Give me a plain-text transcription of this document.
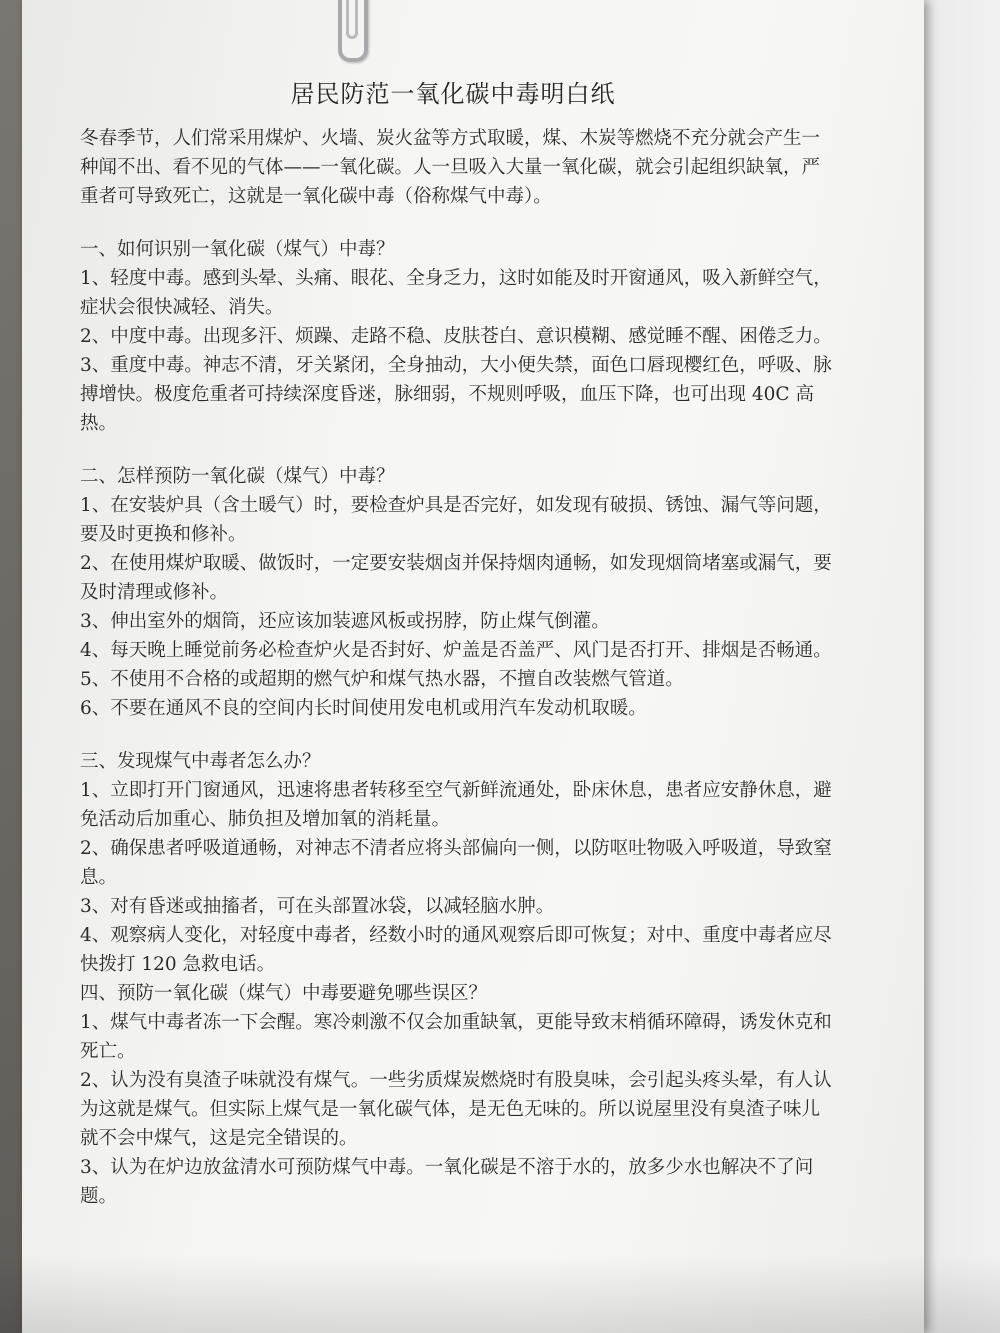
居民防范一氧化碳中毒明白纸

冬春季节，人们常采用煤炉、火墙、炭火盆等方式取暖，煤、木炭等燃烧不充分就会产生一种闻不出、看不见的气体——一氧化碳。人一旦吸入大量一氧化碳，就会引起组织缺氧，严重者可导致死亡，这就是一氧化碳中毒（俗称煤气中毒）。

一、如何识别一氧化碳（煤气）中毒？

1、轻度中毒。感到头晕、头痛、眼花、全身乏力，这时如能及时开窗通风，吸入新鲜空气，症状会很快减轻、消失。

2、中度中毒。出现多汗、烦躁、走路不稳、皮肤苍白、意识模糊、感觉睡不醒、困倦乏力。

3、重度中毒。神志不清，牙关紧闭，全身抽动，大小便失禁，面色口唇现樱红色，呼吸、脉搏增快。极度危重者可持续深度昏迷，脉细弱，不规则呼吸，血压下降，也可出现 40C 高热。

二、怎样预防一氧化碳（煤气）中毒？

1、在安装炉具（含土暖气）时，要检查炉具是否完好，如发现有破损、锈蚀、漏气等问题，要及时更换和修补。

2、在使用煤炉取暖、做饭时，一定要安装烟卤并保持烟肉通畅，如发现烟筒堵塞或漏气，要及时清理或修补。

3、伸出室外的烟筒，还应该加装遮风板或拐脖，防止煤气倒灌。

4、每天晚上睡觉前务必检查炉火是否封好、炉盖是否盖严、风门是否打开、排烟是否畅通。

5、不使用不合格的或超期的燃气炉和煤气热水器，不擅自改装燃气管道。

6、不要在通风不良的空间内长时间使用发电机或用汽车发动机取暖。

三、发现煤气中毒者怎么办？

1、立即打开门窗通风，迅速将患者转移至空气新鲜流通处，卧床休息，患者应安静休息，避免活动后加重心、肺负担及增加氧的消耗量。

2、确保患者呼吸道通畅，对神志不清者应将头部偏向一侧，以防呕吐物吸入呼吸道，导致窒息。

3、对有昏迷或抽搐者，可在头部置冰袋，以减轻脑水肿。

4、观察病人变化，对轻度中毒者，经数小时的通风观察后即可恢复；对中、重度中毒者应尽快拨打 120 急救电话。

四、预防一氧化碳（煤气）中毒要避免哪些误区？

1、煤气中毒者冻一下会醒。寒冷刺激不仅会加重缺氧，更能导致末梢循环障碍，诱发休克和死亡。

2、认为没有臭渣子味就没有煤气。一些劣质煤炭燃烧时有股臭味，会引起头疼头晕，有人认为这就是煤气。但实际上煤气是一氧化碳气体，是无色无味的。所以说屋里没有臭渣子味儿就不会中煤气，这是完全错误的。

3、认为在炉边放盆清水可预防煤气中毒。一氧化碳是不溶于水的，放多少水也解决不了问题。
